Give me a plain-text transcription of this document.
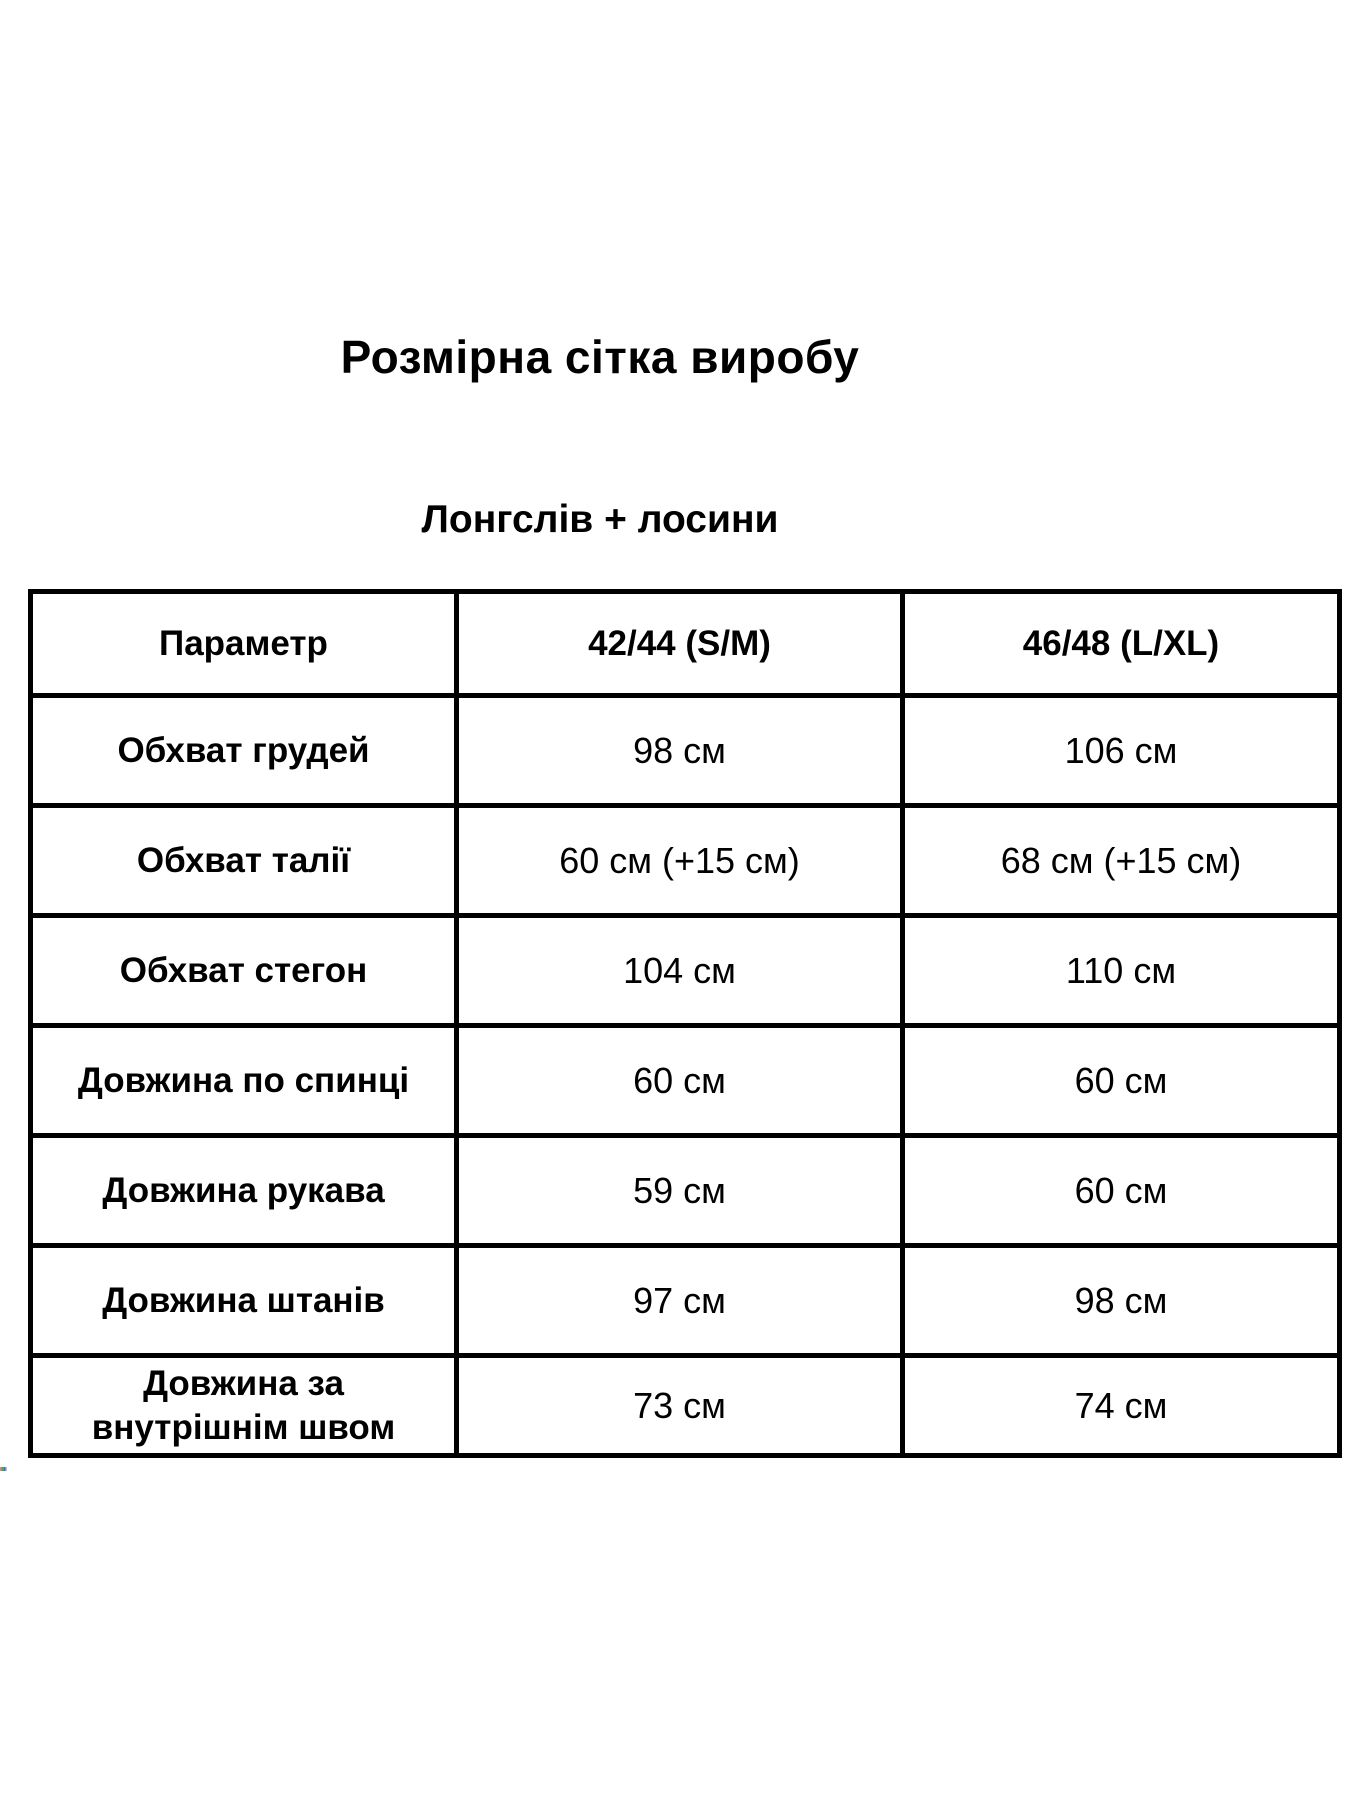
Розмірна сітка виробу
Лонгслів + лосини
Параметр	42/44 (S/M)	46/48 (L/XL)
Обхват грудей	98 см	106 см
Обхват талії	60 см (+15 см)	68 см (+15 см)
Обхват стегон	104 см	110 см
Довжина по спинці	60 см	60 см
Довжина рукава	59 см	60 см
Довжина штанів	97 см	98 см
Довжина за внутрішнім швом	73 см	74 см
